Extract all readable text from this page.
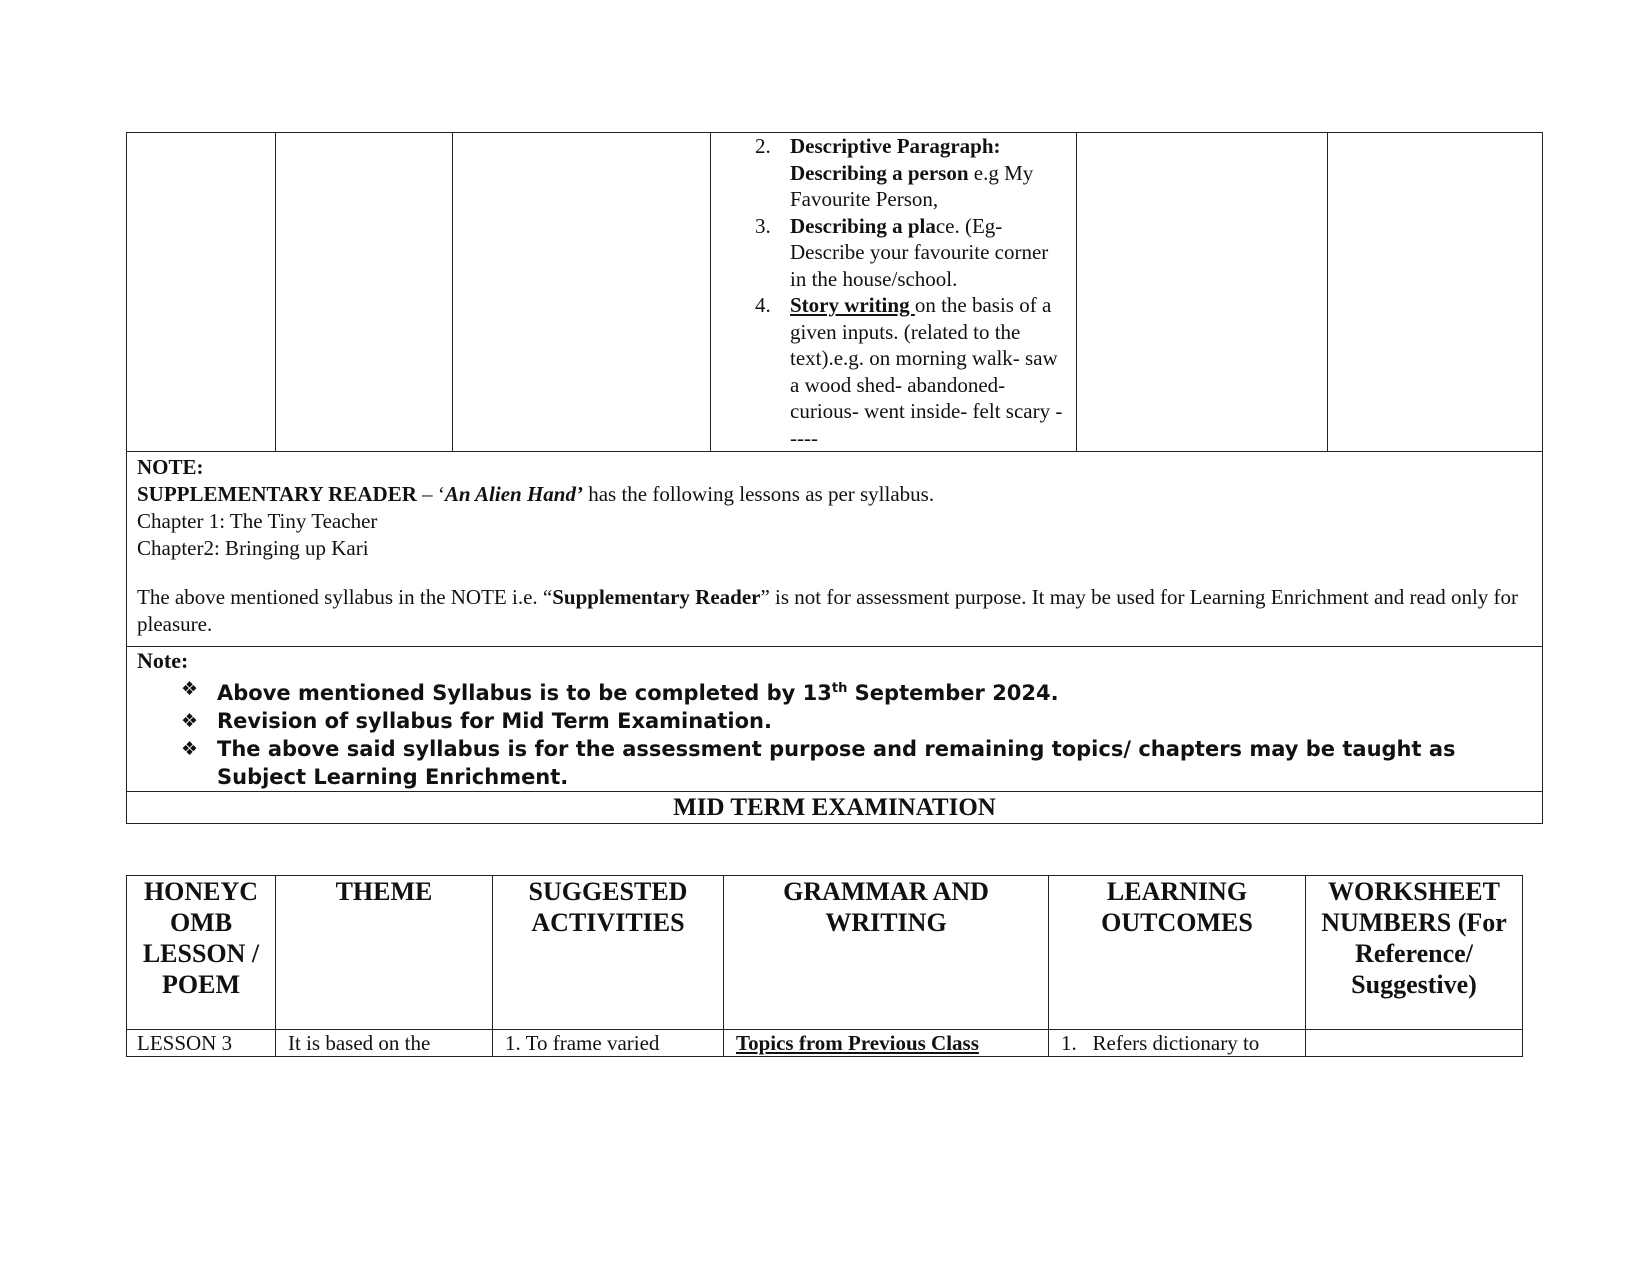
2. Descriptive Paragraph: Describing a person e.g My Favourite Person,
3. Describing a place. (Eg- Describe your favourite corner in the house/school.
4. Story writing on the basis of a given inputs. (related to the text).e.g. on morning walk- saw a wood shed- abandoned- curious- went inside- felt scary -----

NOTE:

SUPPLEMENTARY READER – ‘An Alien Hand’ has the following lessons as per syllabus.

Chapter 1: The Tiny Teacher

Chapter2: Bringing up Kari

The above mentioned syllabus in the NOTE i.e. “Supplementary Reader” is not for assessment purpose. It may be used for Learning Enrichment and read only for pleasure.

Note:
❖ Above mentioned Syllabus is to be completed by 13th September 2024.
❖ Revision of syllabus for Mid Term Examination.
❖ The above said syllabus is for the assessment purpose and remaining topics/ chapters may be taught as Subject Learning Enrichment.

MID TERM EXAMINATION
HONEYC OMB LESSON / POEM	THEME	SUGGESTED ACTIVITIES	GRAMMAR AND WRITING	LEARNING OUTCOMES	WORKSHEET NUMBERS (For Reference/ Suggestive)
LESSON 3	It is based on the	1. To frame varied	Topics from Previous Class	1.   Refers dictionary to	
